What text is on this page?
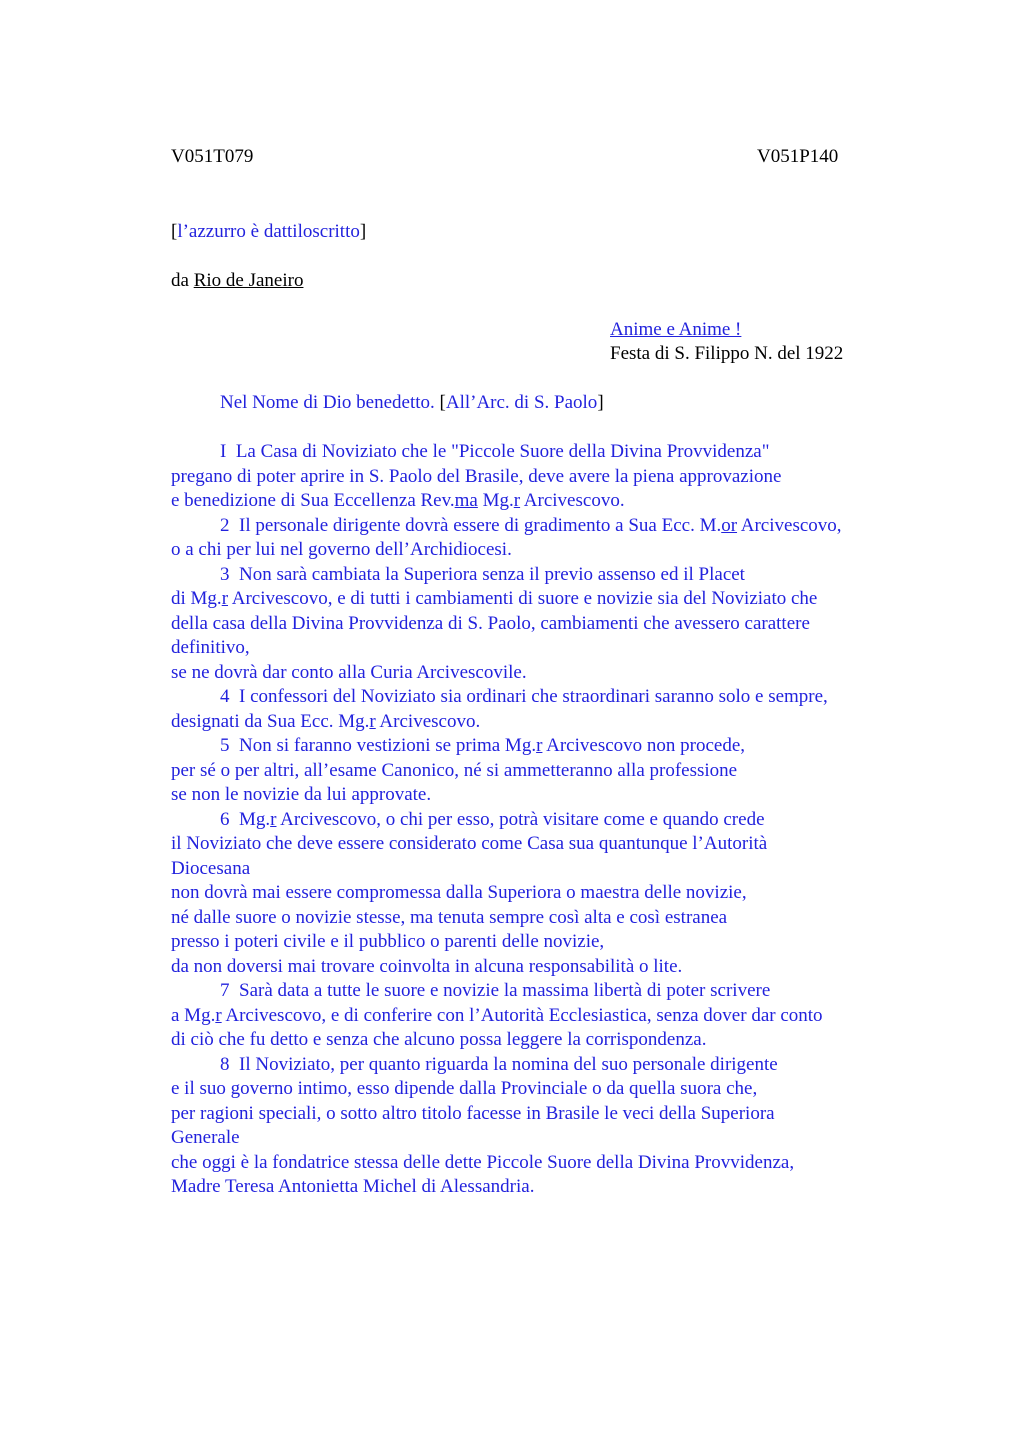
V051T079	V051P140
[l’azzurro è dattiloscritto]
da Rio de Janeiro
Anime e Anime !
Festa di S. Filippo N. del 1922
Nel Nome di Dio benedetto. [All’Arc. di S. Paolo]
I  La Casa di Noviziato che le "Piccole Suore della Divina Provvidenza"
pregano di poter aprire in S. Paolo del Brasile, deve avere la piena approvazione
e benedizione di Sua Eccellenza Rev.ma Mg.r Arcivescovo.
2  Il personale dirigente dovrà essere di gradimento a Sua Ecc. M.or Arcivescovo,
o a chi per lui nel governo dell’Archidiocesi.
3  Non sarà cambiata la Superiora senza il previo assenso ed il Placet
di Mg.r Arcivescovo, e di tutti i cambiamenti di suore e novizie sia del Noviziato che
della casa della Divina Provvidenza di S. Paolo, cambiamenti che avessero carattere
definitivo,
se ne dovrà dar conto alla Curia Arcivescovile.
4  I confessori del Noviziato sia ordinari che straordinari saranno solo e sempre,
designati da Sua Ecc. Mg.r Arcivescovo.
5  Non si faranno vestizioni se prima Mg.r Arcivescovo non procede,
per sé o per altri, all’esame Canonico, né si ammetteranno alla professione
se non le novizie da lui approvate.
6  Mg.r Arcivescovo, o chi per esso, potrà visitare come e quando crede
il Noviziato che deve essere considerato come Casa sua quantunque l’Autorità
Diocesana
non dovrà mai essere compromessa dalla Superiora o maestra delle novizie,
né dalle suore o novizie stesse, ma tenuta sempre così alta e così estranea
presso i poteri civile e il pubblico o parenti delle novizie,
da non doversi mai trovare coinvolta in alcuna responsabilità o lite.
7  Sarà data a tutte le suore e novizie la massima libertà di poter scrivere
a Mg.r Arcivescovo, e di conferire con l’Autorità Ecclesiastica, senza dover dar conto
di ciò che fu detto e senza che alcuno possa leggere la corrispondenza.
8  Il Noviziato, per quanto riguarda la nomina del suo personale dirigente
e il suo governo intimo, esso dipende dalla Provinciale o da quella suora che,
per ragioni speciali, o sotto altro titolo facesse in Brasile le veci della Superiora
Generale
che oggi è la fondatrice stessa delle dette Piccole Suore della Divina Provvidenza,
Madre Teresa Antonietta Michel di Alessandria.
